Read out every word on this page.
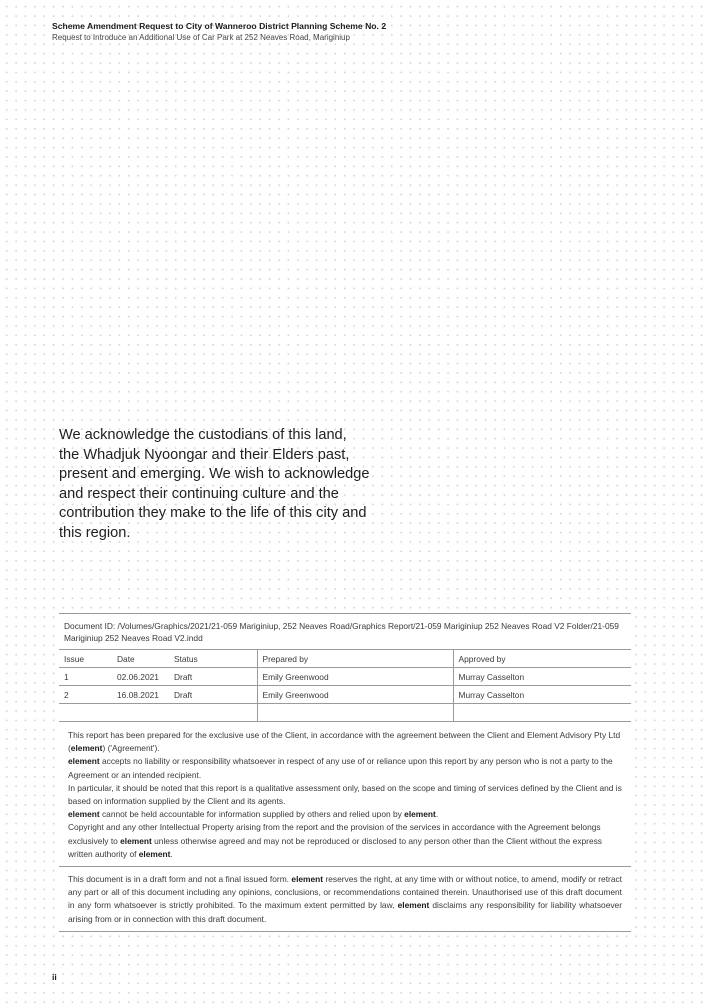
Scheme Amendment Request to City of Wanneroo District Planning Scheme No. 2
Request to Introduce an Additional Use of Car Park at 252 Neaves Road, Mariginiup
We acknowledge the custodians of this land,
the Whadjuk Nyoongar and their Elders past,
present and emerging. We wish to acknowledge
and respect their continuing culture and the
contribution they make to the life of this city and
this region.
Document ID: /Volumes/Graphics/2021/21-059 Mariginiup, 252 Neaves Road/Graphics Report/21-059 Mariginiup 252 Neaves Road V2 Folder/21-059 Mariginiup 252 Neaves Road V2.indd				
Issue	Date	Status	Prepared by	Approved by
1	02.06.2021	Draft	Emily Greenwood	Murray Casselton
2	16.08.2021	Draft	Emily Greenwood	Murray Casselton

This report has been prepared for the exclusive use of the Client, in accordance with the agreement between the Client and Element Advisory Pty Ltd (element) ('Agreement').

element accepts no liability or responsibility whatsoever in respect of any use of or reliance upon this report by any person who is not a party to the Agreement or an intended recipient.

In particular, it should be noted that this report is a qualitative assessment only, based on the scope and timing of services defined by the Client and is based on information supplied by the Client and its agents.

element cannot be held accountable for information supplied by others and relied upon by element.

Copyright and any other Intellectual Property arising from the report and the provision of the services in accordance with the Agreement belongs exclusively to element unless otherwise agreed and may not be reproduced or disclosed to any person other than the Client without the express written authority of element.

This document is in a draft form and not a final issued form. element reserves the right, at any time with or without notice, to amend, modify or retract any part or all of this document including any opinions, conclusions, or recommendations contained therein. Unauthorised use of this draft document in any form whatsoever is strictly prohibited. To the maximum extent permitted by law, element disclaims any responsibility for liability whatsoever arising from or in connection with this draft document.

ii
